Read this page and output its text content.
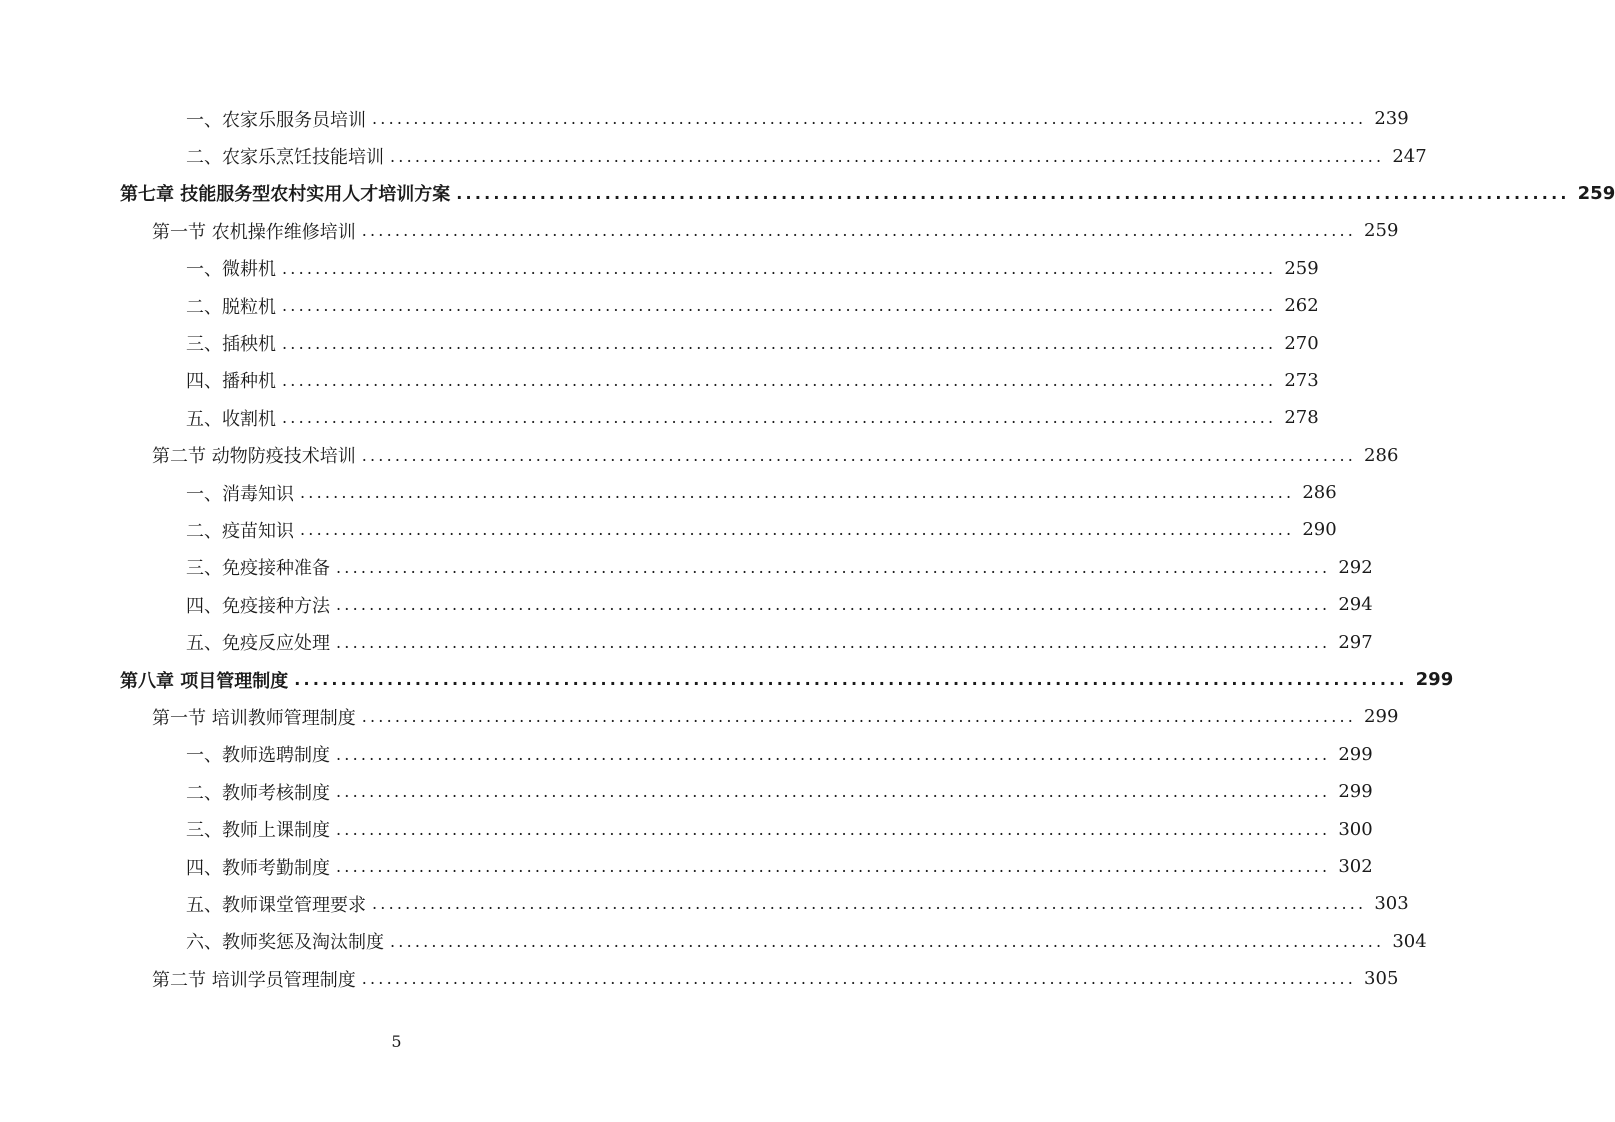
一、农家乐服务员培训 ........................................................................................................................ 239
二、农家乐烹饪技能培训 ........................................................................................................................ 247
第七章 技能服务型农村实用人才培训方案 ........................................................................................................................ 259
第一节 农机操作维修培训 ........................................................................................................................ 259
一、微耕机 ........................................................................................................................ 259
二、脱粒机 ........................................................................................................................ 262
三、插秧机 ........................................................................................................................ 270
四、播种机 ........................................................................................................................ 273
五、收割机 ........................................................................................................................ 278
第二节 动物防疫技术培训 ........................................................................................................................ 286
一、消毒知识 ........................................................................................................................ 286
二、疫苗知识 ........................................................................................................................ 290
三、免疫接种准备 ........................................................................................................................ 292
四、免疫接种方法 ........................................................................................................................ 294
五、免疫反应处理 ........................................................................................................................ 297
第八章 项目管理制度 ........................................................................................................................ 299
第一节 培训教师管理制度 ........................................................................................................................ 299
一、教师选聘制度 ........................................................................................................................ 299
二、教师考核制度 ........................................................................................................................ 299
三、教师上课制度 ........................................................................................................................ 300
四、教师考勤制度 ........................................................................................................................ 302
五、教师课堂管理要求 ........................................................................................................................ 303
六、教师奖惩及淘汰制度 ........................................................................................................................ 304
第二节 培训学员管理制度 ........................................................................................................................ 305
5
